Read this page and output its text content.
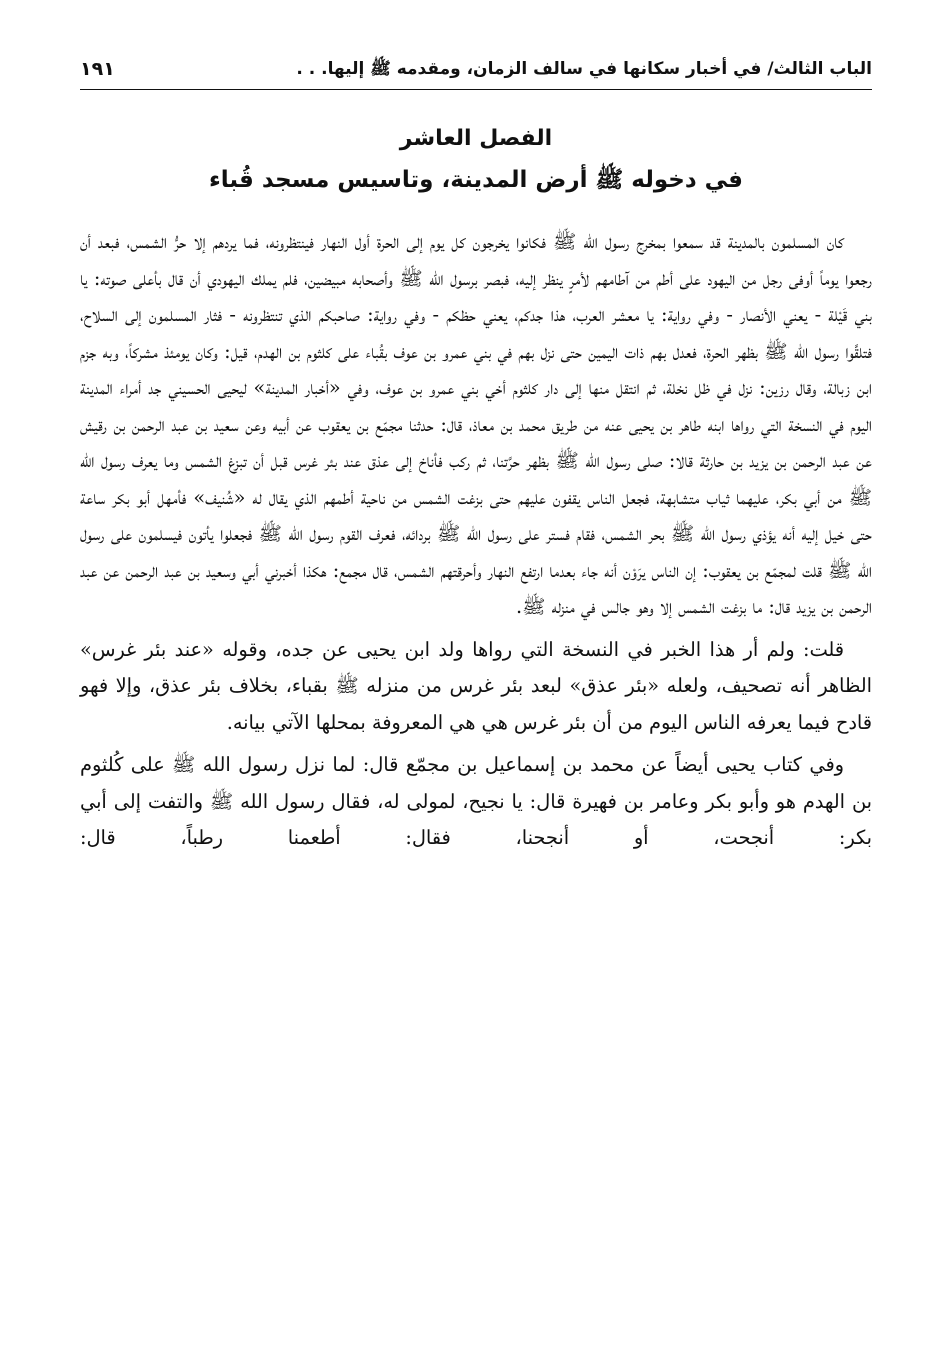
الباب الثالث/ في أخبار سكانها في سالف الزمان، ومقدمه ﷺ إليها. . .
١٩١
الفصل العاشر
في دخوله ﷺ أرض المدينة، وتاسيس مسجد قُباء

كان المسلمون بالمدينة قد سمعوا بمخرج رسول الله ﷺ فكانوا يخرجون كل يوم إلى الحرة أول النهار فينتظرونه، فما يردهم إلا حرُّ الشمس، فبعد أن رجعوا يوماً أوفى رجل من اليهود على أطم من آطامهم لأمرٍ ينظر إليه، فبصر برسول الله ﷺ وأصحابه مبيضين، فلم يملك اليهودي أن قال بأعلى صوته: يا بني قَيْلة - يعني الأنصار - وفي رواية: يا معشر العرب، هذا جدكم، يعني حظكم - وفي رواية: صاحبكم الذي تنتظرونه - فثار المسلمون إلى السلاح، فتلقَّوا رسول الله ﷺ بظهر الحرة، فعدل بهم ذات اليمين حتى نزل بهم في بني عمرو بن عوف بقُباء على كلثوم بن الهدم، قيل: وكان يومئذ مشركاً، وبه جزم ابن زبالة، وقال رزين: نزل في ظل نخلة، ثم انتقل منها إلى دار كلثوم أخي بني عمرو بن عوف، وفي «أخبار المدينة» ليحيى الحسيني جد أمراء المدينة اليوم في النسخة التي رواها ابنه طاهر بن يحيى عنه من طريق محمد بن معاذ، قال: حدثنا مجمّع بن يعقوب عن أبيه وعن سعيد بن عبد الرحمن بن رقيش عن عبد الرحمن بن يزيد بن حارثة قالا: صلى رسول الله ﷺ بظهر حرَّتنا، ثم ركب فأناخ إلى عذق عند بئر غرس قبل أن تبزغ الشمس وما يعرف رسول الله ﷺ من أبي بكر، عليهما ثياب متشابهة، فجعل الناس يقفون عليهم حتى بزغت الشمس من ناحية أطمهم الذي يقال له «شُنيف» فأمهل أبو بكر ساعة حتى خيل إليه أنه يؤذي رسول الله ﷺ بحر الشمس، فقام فستر على رسول الله ﷺ بردائه، فعرف القوم رسول الله ﷺ فجعلوا يأتون فيسلمون على رسول الله ﷺ قلت لمجمّع بن يعقوب: إن الناس يرَوْن أنه جاء بعدما ارتفع النهار وأحرقتهم الشمس، قال مجمع: هكذا أخبرني أبي وسعيد بن عبد الرحمن عن عبد الرحمن بن يزيد قال: ما بزغت الشمس إلا وهو جالس في منزله ﷺ.

قلت: ولم أر هذا الخبر في النسخة التي رواها ولد ابن يحيى عن جده، وقوله «عند بئر غرس» الظاهر أنه تصحيف، ولعله «بئر عذق» لبعد بئر غرس من منزله ﷺ بقباء، بخلاف بئر عذق، وإلا فهو قادح فيما يعرفه الناس اليوم من أن بئر غرس هي هي المعروفة بمحلها الآتي بيانه.

وفي كتاب يحيى أيضاً عن محمد بن إسماعيل بن مجمّع قال: لما نزل رسول الله ﷺ على كُلثوم بن الهدم هو وأبو بكر وعامر بن فهيرة قال: يا نجيح، لمولى له، فقال رسول الله ﷺ والتفت إلى أبي بكر: أنجحت، أو أنجحنا، فقال: أطعمنا رطباً، قال:
